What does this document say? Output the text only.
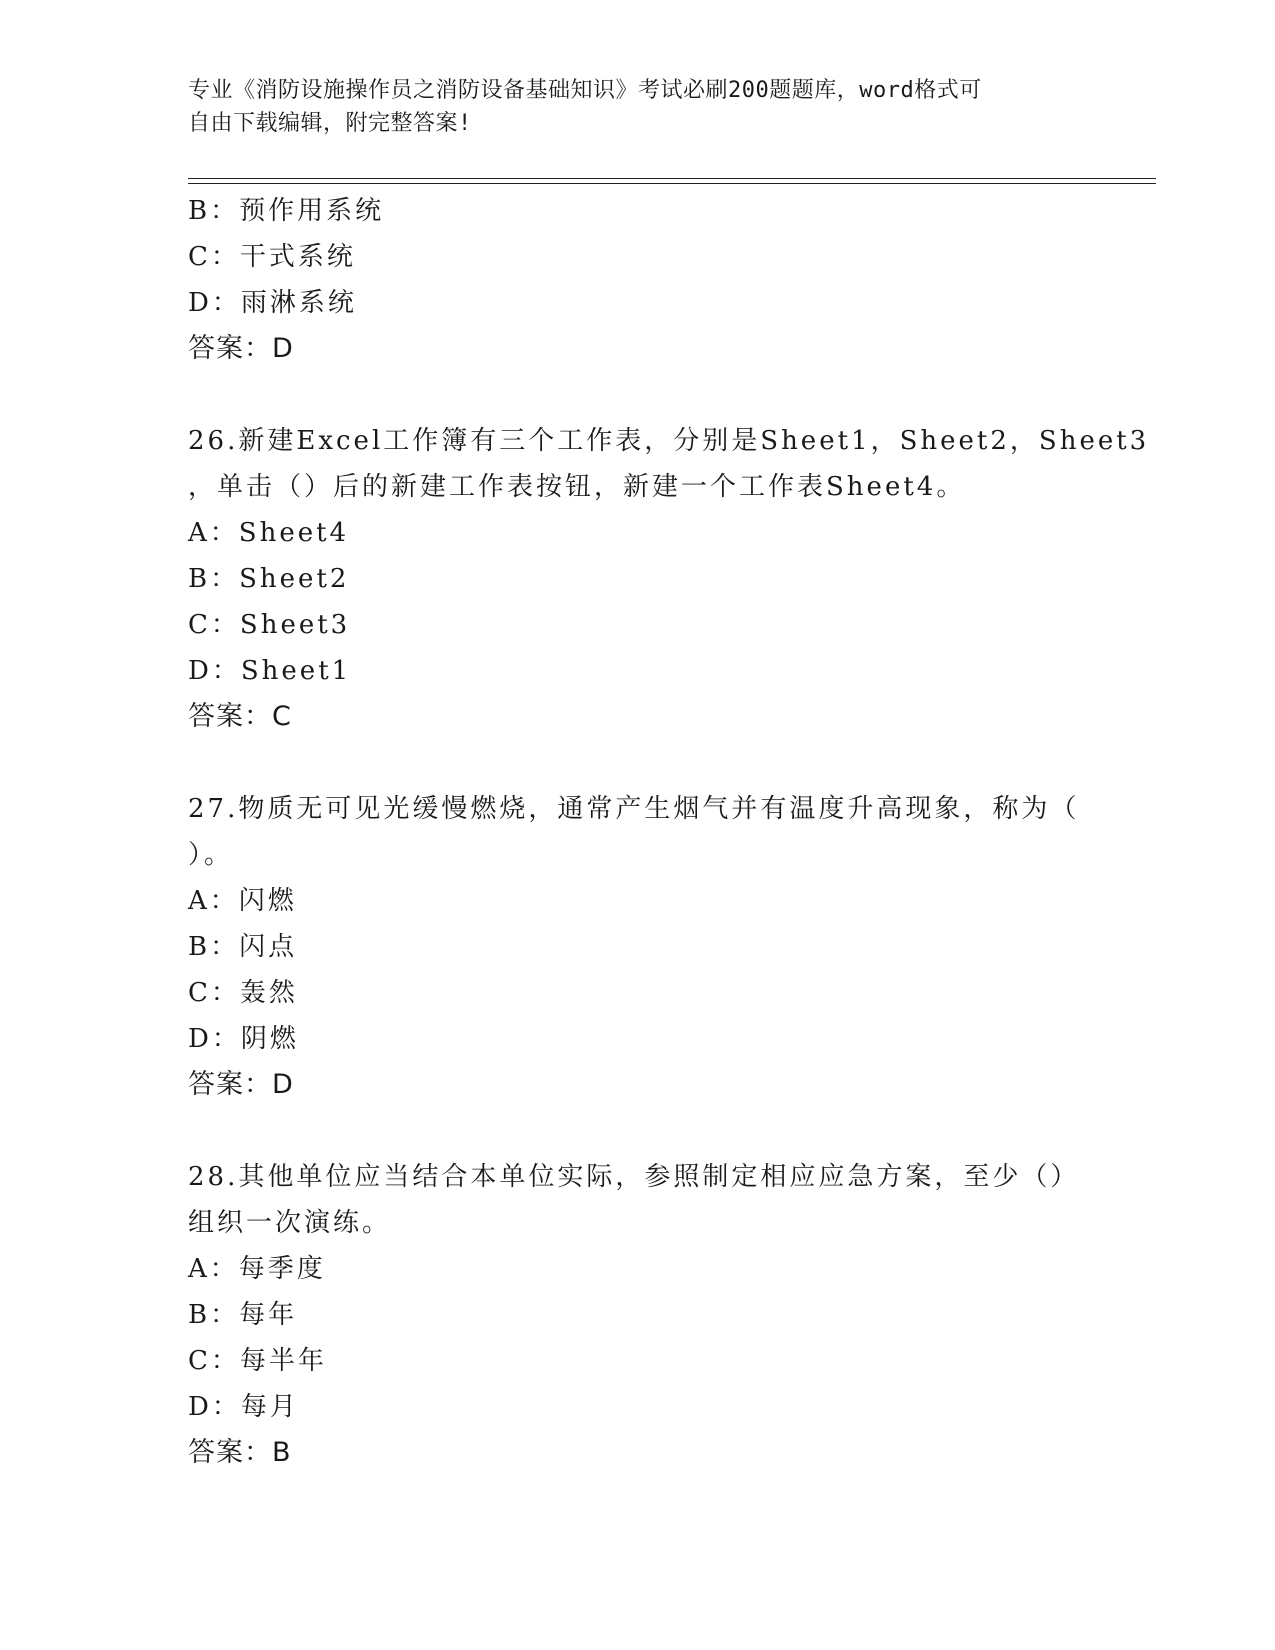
专业《消防设施操作员之消防设备基础知识》考试必刷200题题库，word格式可
自由下载编辑，附完整答案!
B：预作用系统
C：干式系统
D：雨淋系统
答案：D
26.新建Excel工作簿有三个工作表，分别是Sheet1，Sheet2，Sheet3
，单击（）后的新建工作表按钮，新建一个工作表Sheet4。
A：Sheet4
B：Sheet2
C：Sheet3
D：Sheet1
答案：C
27.物质无可见光缓慢燃烧，通常产生烟气并有温度升高现象，称为（
）。
A：闪燃
B：闪点
C：轰然
D：阴燃
答案：D
28.其他单位应当结合本单位实际，参照制定相应应急方案，至少（）
组织一次演练。
A：每季度
B：每年
C：每半年
D：每月
答案：B
